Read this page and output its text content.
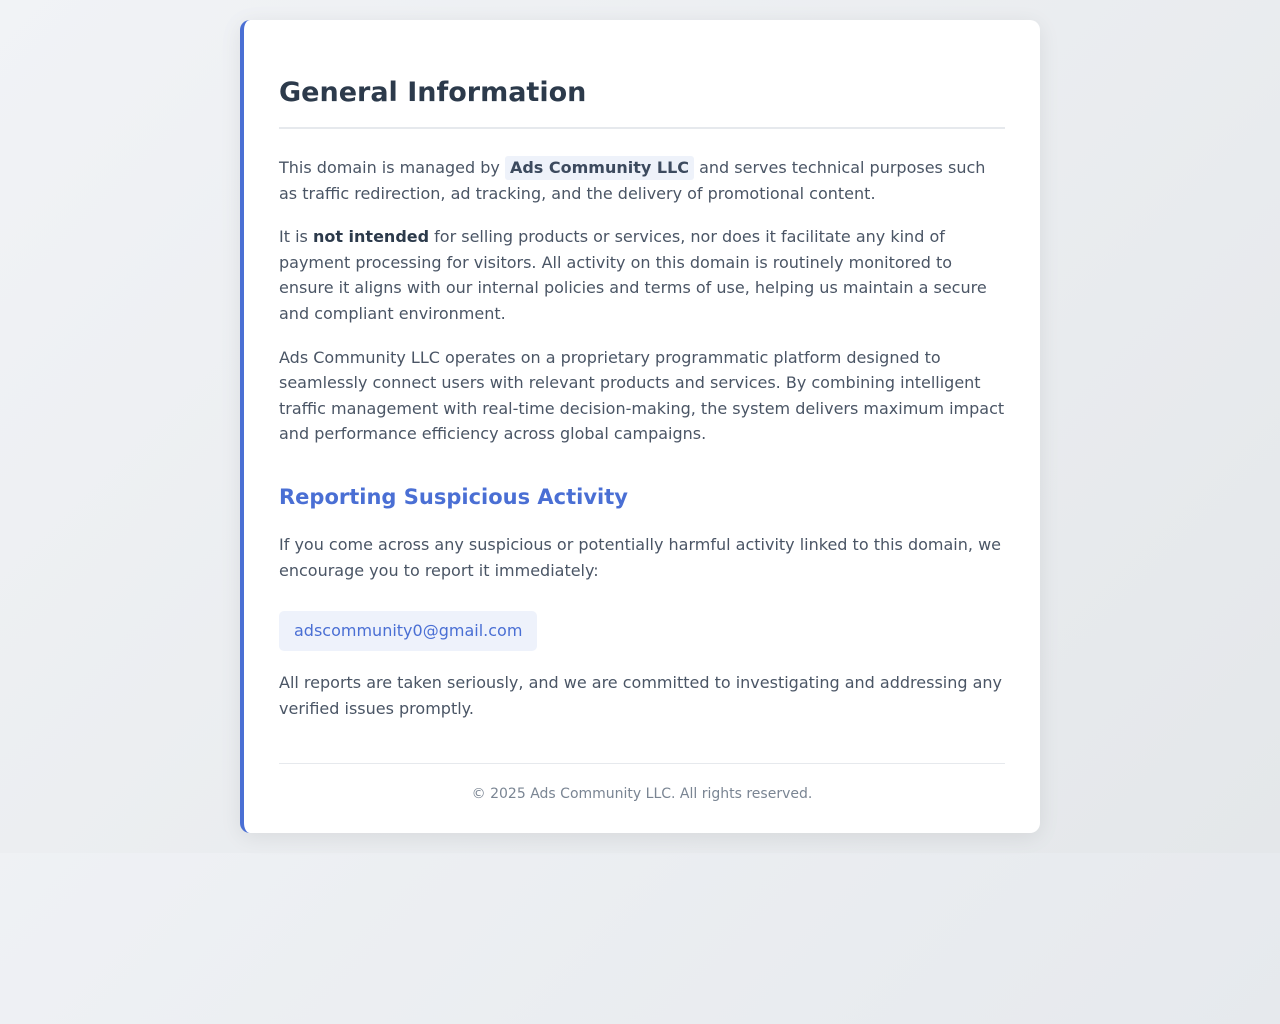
General Information

This domain is managed by Ads Community LLC and serves technical purposes such as traffic redirection, ad tracking, and the delivery of promotional content.

It is not intended for selling products or services, nor does it facilitate any kind of payment processing for visitors. All activity on this domain is routinely monitored to ensure it aligns with our internal policies and terms of use, helping us maintain a secure and compliant environment.

Ads Community LLC operates on a proprietary programmatic platform designed to seamlessly connect users with relevant products and services. By combining intelligent traffic management with real-time decision-making, the system delivers maximum impact and performance efficiency across global campaigns.

Reporting Suspicious Activity

If you come across any suspicious or potentially harmful activity linked to this domain, we encourage you to report it immediately:

adscommunity0@gmail.com

All reports are taken seriously, and we are committed to investigating and addressing any verified issues promptly.

© 2025 Ads Community LLC. All rights reserved.
